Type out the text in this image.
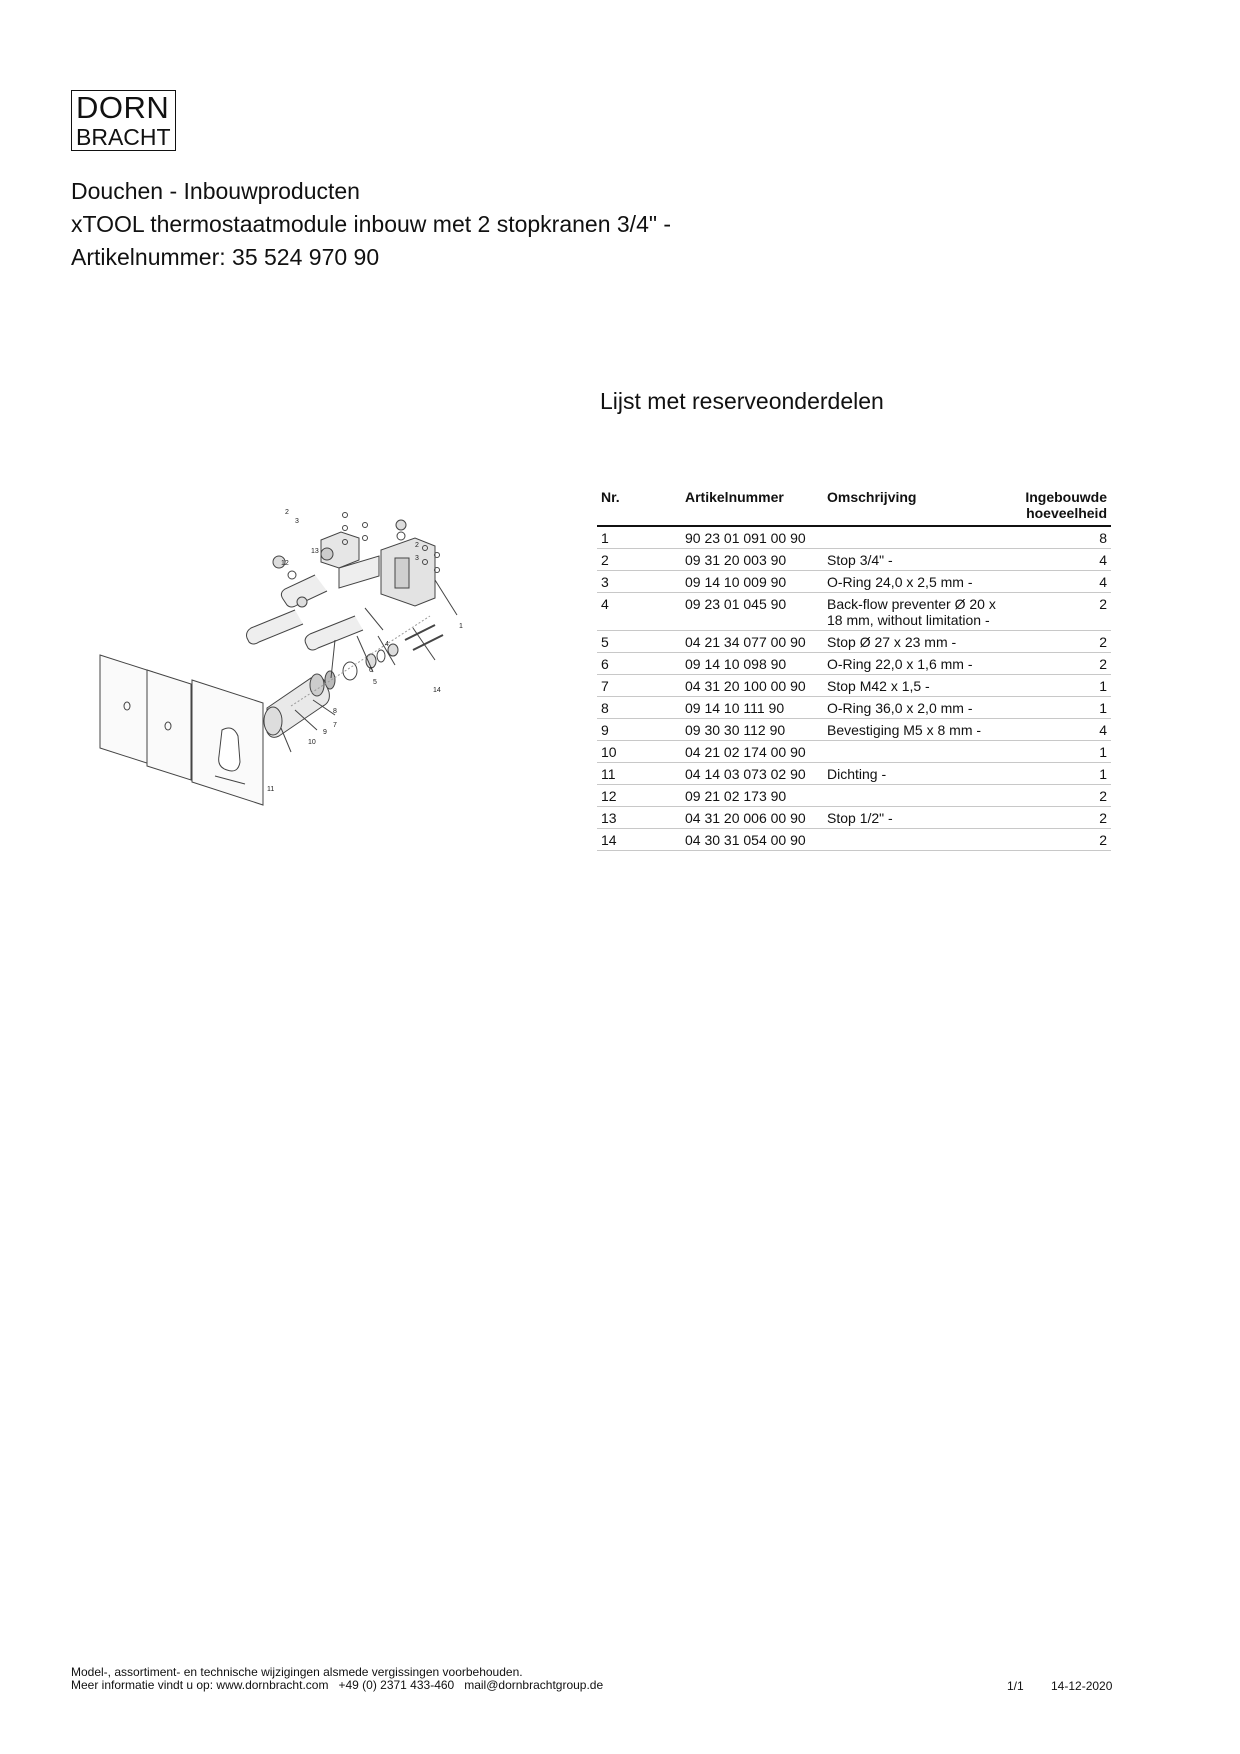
DORN
BRACHT
Douchen - Inbouwproducten
xTOOL thermostaatmodule inbouw met 2 stopkranen 3/4" -
Artikelnummer: 35 524 970 90
Lijst met reserveonderdelen
2
3
2
3
1
4
5
6
7
8
9
10
11
12
13
14
Nr.	Artikelnummer	Omschrijving	Ingebouwde
hoeveelheid

1	90 23 01 091 00 90		8
2	09 31 20 003 90	Stop 3/4" -	4
3	09 14 10 009 90	O-Ring 24,0 x 2,5 mm -	4
4	09 23 01 045 90	Back-flow preventer Ø 20 x 18 mm, without limitation -	2
5	04 21 34 077 00 90	Stop Ø 27 x 23 mm -	2
6	09 14 10 098 90	O-Ring 22,0 x 1,6 mm -	2
7	04 31 20 100 00 90	Stop M42 x 1,5 -	1
8	09 14 10 111 90	O-Ring 36,0 x 2,0 mm -	1
9	09 30 30 112 90	Bevestiging M5 x 8 mm -	4
10	04 21 02 174 00 90		1
11	04 14 03 073 02 90	Dichting -	1
12	09 21 02 173 90		2
13	04 31 20 006 00 90	Stop 1/2" -	2
14	04 30 31 054 00 90		2
Model-, assortiment- en technische wijzigingen alsmede vergissingen voorbehouden.
Meer informatie vindt u op: www.dornbracht.com +49 (0) 2371 433-460 mail@dornbrachtgroup.de	1/1 14-12-2020
